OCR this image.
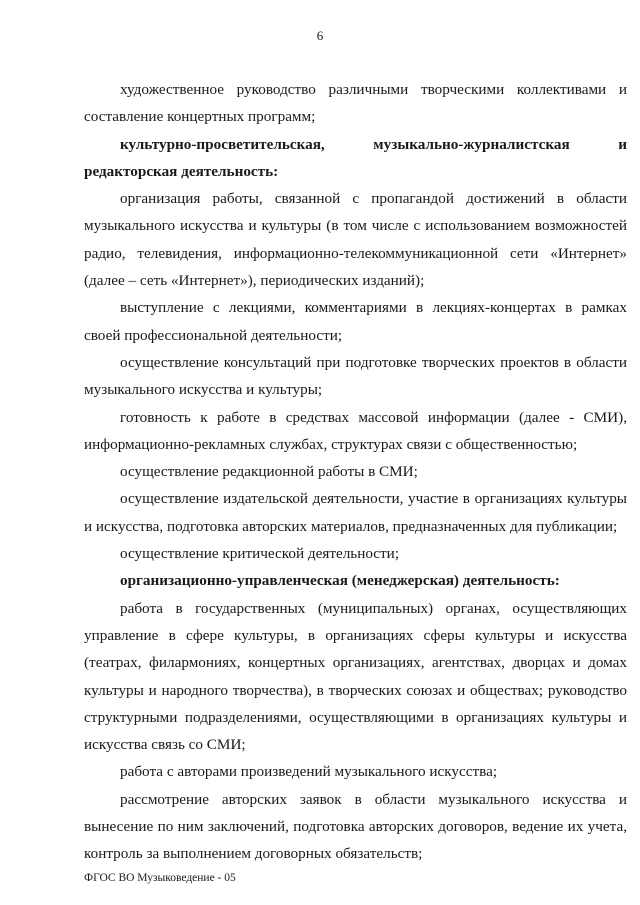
6

художественное руководство различными творческими коллективами и составление концертных программ;

культурно-просветительская, музыкально-журналистская и

редакторская деятельность:

организация работы, связанной с пропагандой достижений в области музыкального искусства и культуры (в том числе с использованием возможностей радио, телевидения, информационно-телекоммуникационной сети «Интернет» (далее – сеть «Интернет»), периодических изданий);

выступление с лекциями, комментариями в лекциях-концертах в рамках своей профессиональной деятельности;

осуществление консультаций при подготовке творческих проектов в области музыкального искусства и культуры;

готовность к работе в средствах массовой информации (далее - СМИ), информационно-рекламных службах, структурах связи с общественностью;

осуществление редакционной работы в СМИ;

осуществление издательской деятельности, участие в организациях культуры и искусства, подготовка авторских материалов, предназначенных для публикации;

осуществление критической деятельности;

организационно-управленческая (менеджерская) деятельность:

работа в государственных (муниципальных) органах, осуществляющих управление в сфере культуры, в организациях сферы культуры и искусства (театрах, филармониях, концертных организациях, агентствах, дворцах и домах культуры и народного творчества), в творческих союзах и обществах; руководство структурными подразделениями, осуществляющими в организациях культуры и искусства связь со СМИ;

работа с авторами произведений музыкального искусства;

рассмотрение авторских заявок в области музыкального искусства и вынесение по ним заключений, подготовка авторских договоров, ведение их учета, контроль за выполнением договорных обязательств;

ФГОС ВО Музыковедение - 05
